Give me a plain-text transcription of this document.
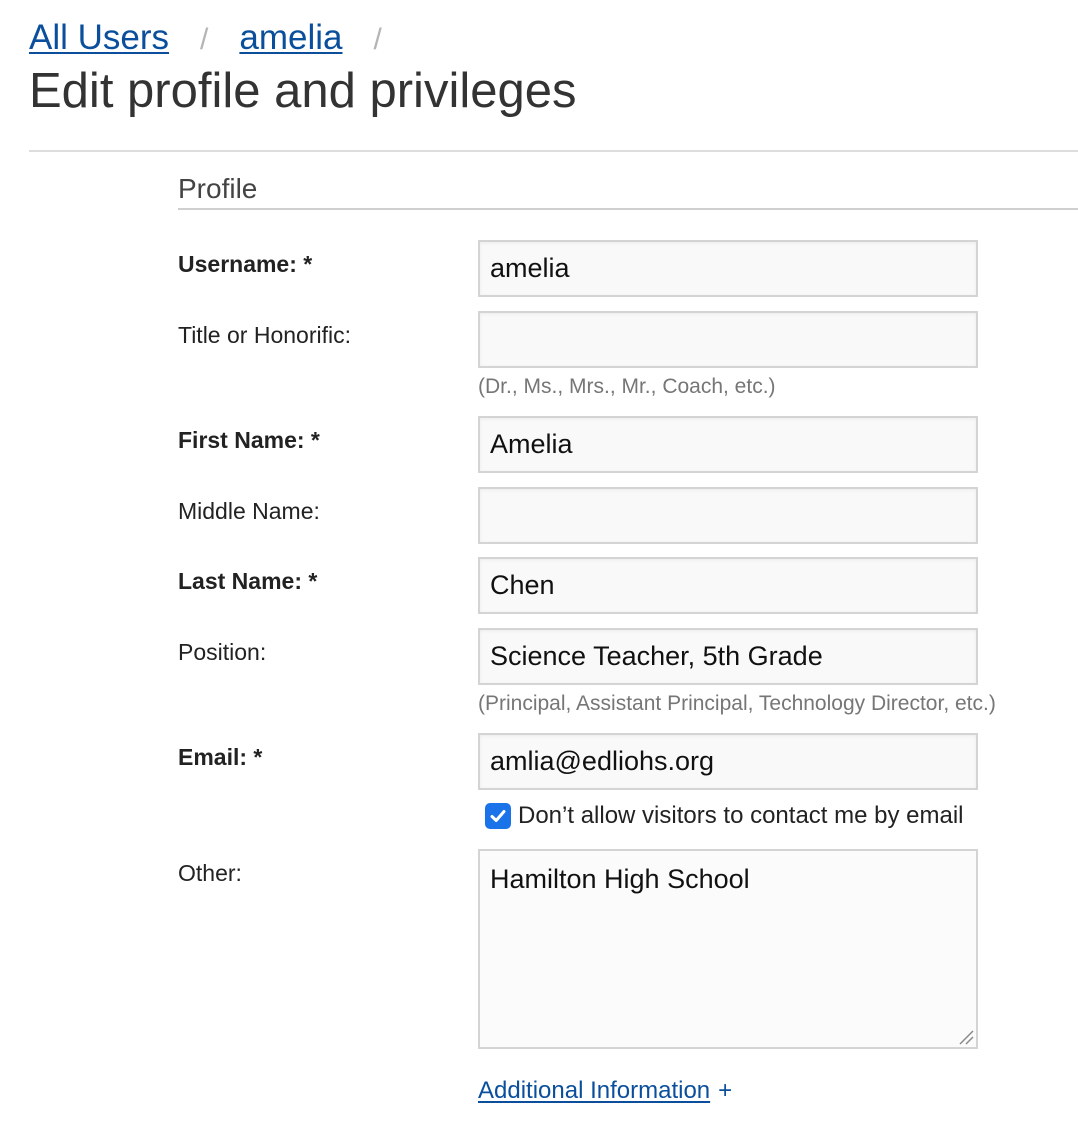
All Users / amelia /
Edit profile and privileges
Profile
Username: *
amelia
Title or Honorific:
(Dr., Ms., Mrs., Mr., Coach, etc.)
First Name: *
Amelia
Middle Name:
Last Name: *
Chen
Position:
Science Teacher, 5th Grade
(Principal, Assistant Principal, Technology Director, etc.)
Email: *
amlia@edliohs.org
Don’t allow visitors to contact me by email
Other:
Hamilton High School
Additional Information +
